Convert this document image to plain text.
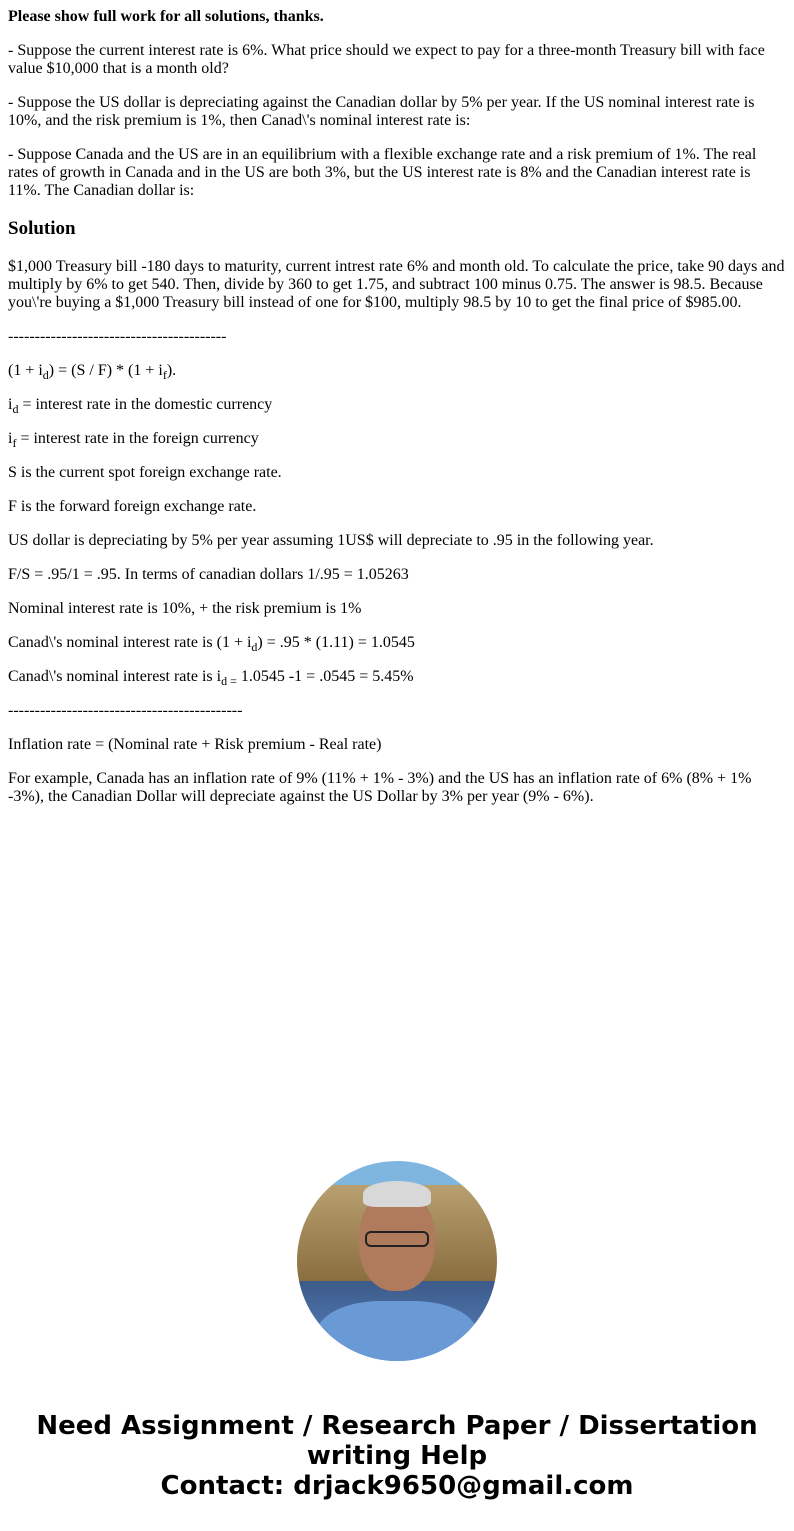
Please show full work for all solutions, thanks.

- Suppose the current interest rate is 6%. What price should we expect to pay for a three-month Treasury bill with face value $10,000 that is a month old?

- Suppose the US dollar is depreciating against the Canadian dollar by 5% per year. If the US nominal interest rate is 10%, and the risk premium is 1%, then Canad\'s nominal interest rate is:

- Suppose Canada and the US are in an equilibrium with a flexible exchange rate and a risk premium of 1%. The real rates of growth in Canada and in the US are both 3%, but the US interest rate is 8% and the Canadian interest rate is 11%. The Canadian dollar is:

Solution

$1,000 Treasury bill -180 days to maturity, current intrest rate 6% and month old. To calculate the price, take 90 days and multiply by 6% to get 540. Then, divide by 360 to get 1.75, and subtract 100 minus 0.75. The answer is 98.5. Because you\'re buying a $1,000 Treasury bill instead of one for $100, multiply 98.5 by 10 to get the final price of $985.00.

-----------------------------------------

$(1 + i_d) = (S / F) * (1 + i_f)$.

$i_d$ = interest rate in the domestic currency

$i_f$ = interest rate in the foreign currency

S is the current spot foreign exchange rate.

F is the forward foreign exchange rate.

US dollar is depreciating by 5% per year assuming 1US$ will depreciate to .95 in the following year.

F/S = .95/1 = .95. In terms of canadian dollars 1/.95 = 1.05263

Nominal interest rate is 10%, + the risk premium is 1%

Canad\'s nominal interest rate is $(1 + i_d) = .95 * (1.11) = 1.0545$

Canad\'s nominal interest rate is $i_{d =}$ 1.0545 -1 = .0545 = 5.45%

--------------------------------------------

Inflation rate = (Nominal rate + Risk premium - Real rate)

For example, Canada has an inflation rate of 9% (11% + 1% - 3%) and the US has an inflation rate of 6% (8% + 1% -3%), the Canadian Dollar will depreciate against the US Dollar by 3% per year (9% - 6%).

Need Assignment / Research Paper / Dissertation writing Help
Contact: drjack9650@gmail.com
